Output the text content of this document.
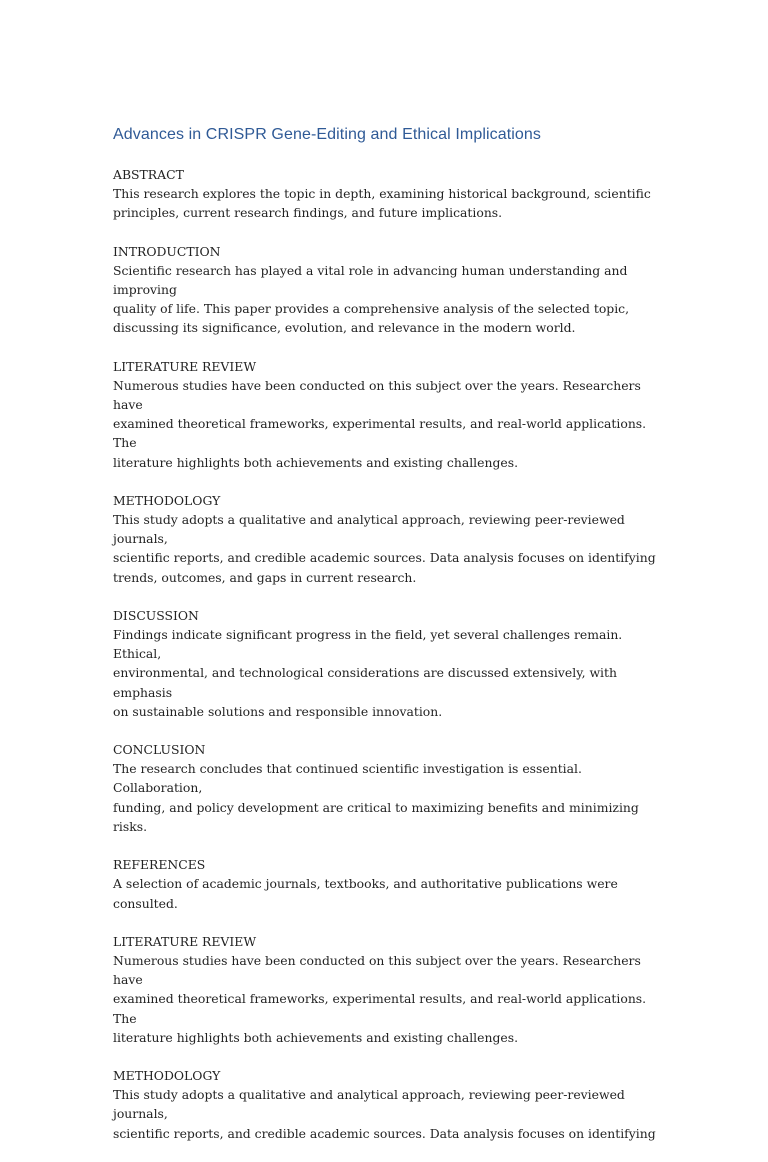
Advances in CRISPR Gene-Editing and Ethical Implications

ABSTRACT

This research explores the topic in depth, examining historical background, scientific
principles, current research findings, and future implications.

INTRODUCTION

Scientific research has played a vital role in advancing human understanding and improving
quality of life. This paper provides a comprehensive analysis of the selected topic,
discussing its significance, evolution, and relevance in the modern world.

LITERATURE REVIEW

Numerous studies have been conducted on this subject over the years. Researchers have
examined theoretical frameworks, experimental results, and real-world applications. The
literature highlights both achievements and existing challenges.

METHODOLOGY

This study adopts a qualitative and analytical approach, reviewing peer-reviewed journals,
scientific reports, and credible academic sources. Data analysis focuses on identifying
trends, outcomes, and gaps in current research.

DISCUSSION

Findings indicate significant progress in the field, yet several challenges remain. Ethical,
environmental, and technological considerations are discussed extensively, with emphasis
on sustainable solutions and responsible innovation.

CONCLUSION

The research concludes that continued scientific investigation is essential. Collaboration,
funding, and policy development are critical to maximizing benefits and minimizing risks.

REFERENCES

A selection of academic journals, textbooks, and authoritative publications were consulted.

LITERATURE REVIEW

Numerous studies have been conducted on this subject over the years. Researchers have
examined theoretical frameworks, experimental results, and real-world applications. The
literature highlights both achievements and existing challenges.

METHODOLOGY

This study adopts a qualitative and analytical approach, reviewing peer-reviewed journals,
scientific reports, and credible academic sources. Data analysis focuses on identifying
